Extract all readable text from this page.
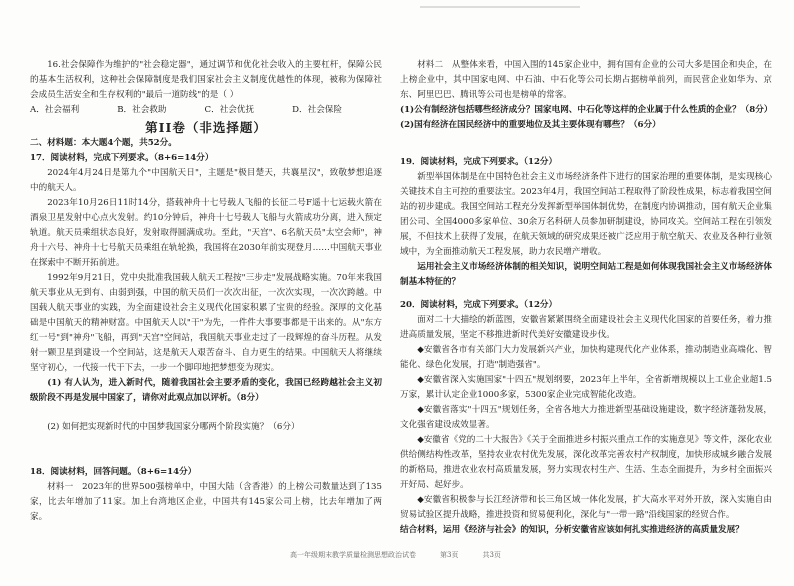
16.社会保障作为维护的"社会稳定器"，通过调节和优化社会收入的主要杠杆，保障公民的基本生活权利，这种社会保障制度是我们国家社会主义制度优越性的体现，被称为保障社会成员生活安全和生存权利的"最后一道防线"的是（ ）

A．社会福利	B．社会救助	C．社会优抚	D．社会保险

第II卷（非选择题）

二、材料题：本大题4个题，共52分。

17．阅读材料，完成下列要求。（8+6=14分）

2024年4月24日是第九个"中国航天日"，主题是"极目楚天，共襄星汉"，致敬梦想追逐中的航天人。

2023年10月26日11时14分，搭载神舟十七号载人飞船的长征二号F遥十七运载火箭在酒泉卫星发射中心点火发射。约10分钟后，神舟十七号载人飞船与火箭成功分离，进入预定轨道。航天员乘组状态良好，发射取得圆满成功。至此，"天宫"、6名航天员"太空会师"，神舟十六号、神舟十七号航天员乘组在轨轮换，我国将在2030年前实现登月……中国航天事业在探索中不断开拓前进。

1992年9月21日，党中央批准我国载人航天工程按"三步走"发展战略实施。70年来我国航天事业从无到有、由弱到强，中国的航天员们一次次出征，一次次实现，一次次跨越。中国载人航天事业的实践，为全面建设社会主义现代化国家积累了宝贵的经验。深厚的文化基础是中国航天的精神财富。中国航天人以"干"为先，一件件大事要事都是干出来的。从"东方红一号"到"神舟"飞船，再到"天宫"空间站，我国航天事业走过了一段辉煌的奋斗历程。从发射一颗卫星到建设一个空间站，这是航天人艰苦奋斗、自力更生的结果。中国航天人将继续坚守初心，一代接一代干下去，一步一个脚印地把梦想变为现实。

(1) 有人认为，进入新时代，随着我国社会主要矛盾的变化，我国已经跨越社会主义初级阶段不再是发展中国家了，请你对此观点加以评析。（8分）

(2) 如何把实现新时代的中国梦我国家分哪两个阶段实施？（6分）

18．阅读材料，回答问题。（8+6=14分）

材料一　2023年的世界500强榜单中，中国大陆（含香港）的上榜公司数量达到了135家，比去年增加了11家。加上台湾地区企业，中国共有145家公司上榜，比去年增加了两家。

材料二　从整体来看，中国入围的145家企业中，拥有国有企业的公司大多是国企和央企，在上榜企业中，其中国家电网、中石油、中石化等公司长期占据榜单前列，而民营企业如华为、京东、阿里巴巴、腾讯等公司也是榜单的常客。

(1)公有制经济包括哪些经济成分？国家电网、中石化等这样的企业属于什么性质的企业？（8分）

(2)国有经济在国民经济中的重要地位及其主要体现有哪些？（6分）

19．阅读材料，完成下列要求。（12分）

新型举国体制是在中国特色社会主义市场经济条件下进行的国家治理的重要体制，是实现核心关键技术自主可控的重要法宝。2023年4月，我国空间站工程取得了阶段性成果，标志着我国空间站的初步建成。我国空间站工程充分发挥新型举国体制优势，在制度内协调推动，国有航天企业集团公司、全国4000多家单位、30余万名科研人员参加研制建设，协同攻关。空间站工程在引领发展，不但技术上获得了发展，在航天领域的研究成果还被广泛应用于航空航天、农业及各种行业领域中，为全面推动航天工程发展，助力农民增产增收。

运用社会主义市场经济体制的相关知识，说明空间站工程是如何体现我国社会主义市场经济体制基本特征的？

20．阅读材料，完成下列要求。（12分）

面对二十大描绘的新蓝图，安徽省紧紧围绕全面建设社会主义现代化国家的首要任务，着力推进高质量发展，坚定不移推进新时代美好安徽建设步伐。

◆安徽省各市有关部门大力发展新兴产业，加快构建现代化产业体系，推动制造业高端化、智能化、绿色化发展，打造"制造强省"。

◆安徽省深入实施国家"十四五"规划纲要，2023年上半年，全省新增规模以上工业企业超1.5万家，累计认定企业1000多家，5300家企业完成智能化改造。

◆安徽省落实"十四五"规划任务，全省各地大力推进新型基础设施建设，数字经济蓬勃发展，文化强省建设成效显著。

◆安徽省《党的二十大报告》《关于全面推进乡村振兴重点工作的实施意见》等文件，深化农业供给侧结构性改革，坚持农业农村优先发展，深化改革完善农村产权制度，加快形成城乡融合发展的新格局，推进农业农村高质量发展，努力实现农村生产、生活、生态全面提升，为乡村全面振兴开好局、起好步。

◆安徽省积极参与长江经济带和长三角区域一体化发展，扩大高水平对外开放，深入实施自由贸易试验区提升战略，推进投资和贸易便利化，深化与"一带一路"沿线国家的经贸合作。

结合材料，运用《经济与社会》的知识，分析安徽省应该如何扎实推进经济的高质量发展？

高一年级期末教学质量检测思想政治试卷	第3页	共3页
